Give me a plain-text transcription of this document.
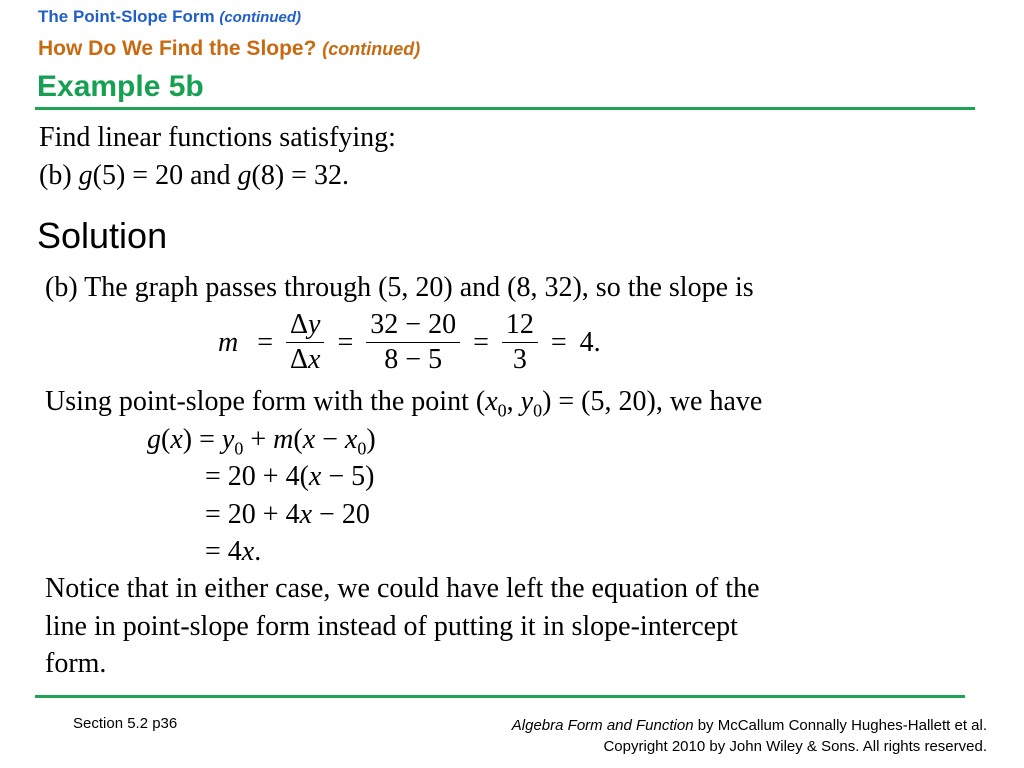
The Point-Slope Form (continued)
How Do We Find the Slope? (continued)
Example 5b
Find linear functions satisfying:
(b) g(5) = 20 and g(8) = 32.
Solution
(b) The graph passes through (5, 20) and (8, 32), so the slope is
$m = \frac{\Delta y}{\Delta x} = \frac{32 - 20}{8 - 5} = \frac{12}{3} = 4$.
Using point-slope form with the point ($x_0$, $y_0) = (5$, 20), we have
$g(x) = y_0 + m(x - x_0)$
= 20 + 4(x − 5)
= 20 + 4x − 20
= 4x.
Notice that in either case, we could have left the equation of the
line in point-slope form instead of putting it in slope-intercept
form.
Section 5.2 p36	Algebra Form and Function by McCallum Connally Hughes-Hallett et al.
Copyright 2010 by John Wiley & Sons. All rights reserved.
